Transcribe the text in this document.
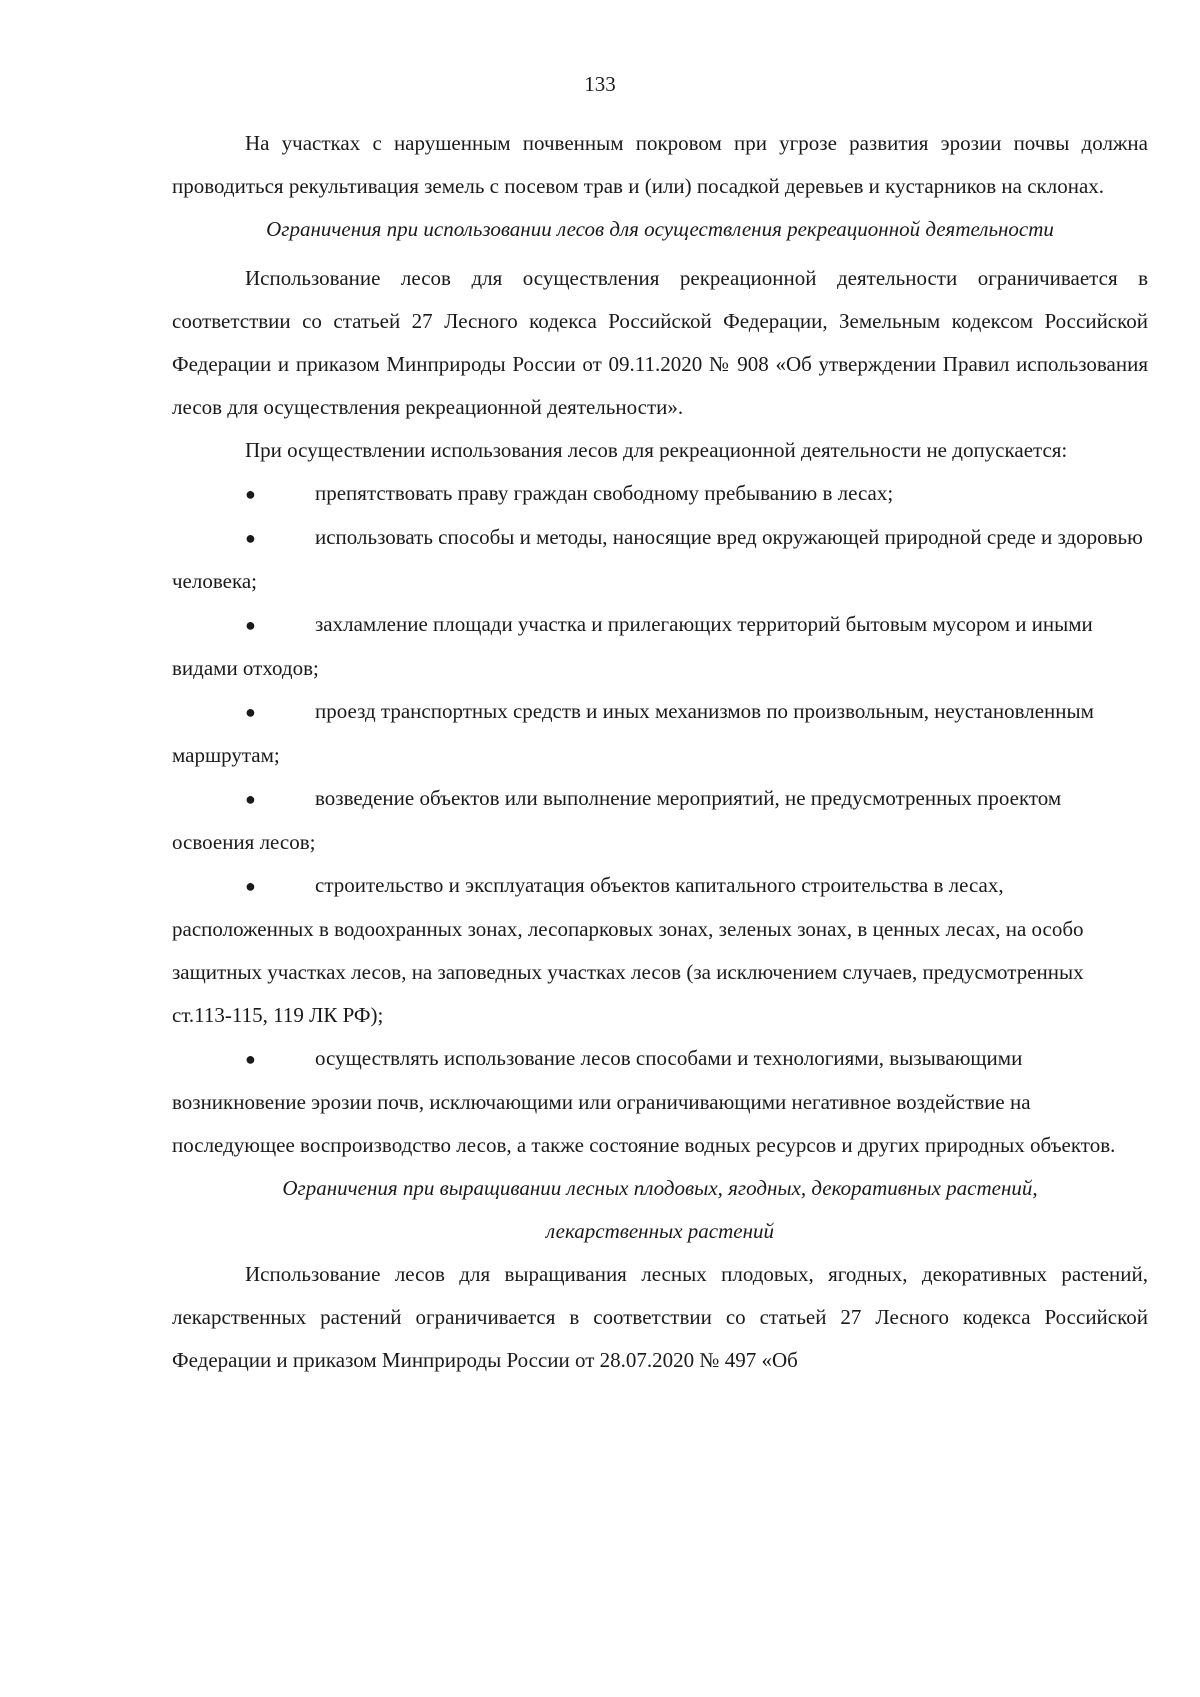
133

На участках с нарушенным почвенным покровом при угрозе развития эрозии почвы должна проводиться рекультивация земель с посевом трав и (или) посадкой деревьев и кустарников на склонах.

Ограничения при использовании лесов для осуществления рекреационной деятельности

Использование лесов для осуществления рекреационной деятельности ограничивается в соответствии со статьей 27 Лесного кодекса Российской Федерации, Земельным кодексом Российской Федерации и приказом Минприроды России от 09.11.2020 № 908 «Об утверждении Правил использования лесов для осуществления рекреационной деятельности».

При осуществлении использования лесов для рекреационной деятельности не допускается:

●	препятствовать праву граждан свободному пребыванию в лесах;

●	использовать способы и методы, наносящие вред окружающей природной среде и здоровью человека;

●	захламление площади участка и прилегающих территорий бытовым мусором и иными видами отходов;

●	проезд транспортных средств и иных механизмов по произвольным, неустановленным маршрутам;

●	возведение объектов или выполнение мероприятий, не предусмотренных проектом освоения лесов;

●	строительство и эксплуатация объектов капитального строительства в лесах, расположенных в водоохранных зонах, лесопарковых зонах, зеленых зонах, в ценных лесах, на особо защитных участках лесов, на заповедных участках лесов (за исключением случаев, предусмотренных ст.113-115, 119 ЛК РФ);

●	осуществлять использование лесов способами и технологиями, вызывающими возникновение эрозии почв, исключающими или ограничивающими негативное воздействие на последующее воспроизводство лесов, а также состояние водных ресурсов и других природных объектов.

Ограничения при выращивании лесных плодовых, ягодных, декоративных растений, лекарственных растений

Использование лесов для выращивания лесных плодовых, ягодных, декоративных растений, лекарственных растений ограничивается в соответствии со статьей 27 Лесного кодекса Российской Федерации и приказом Минприроды России от 28.07.2020 № 497 «Об
